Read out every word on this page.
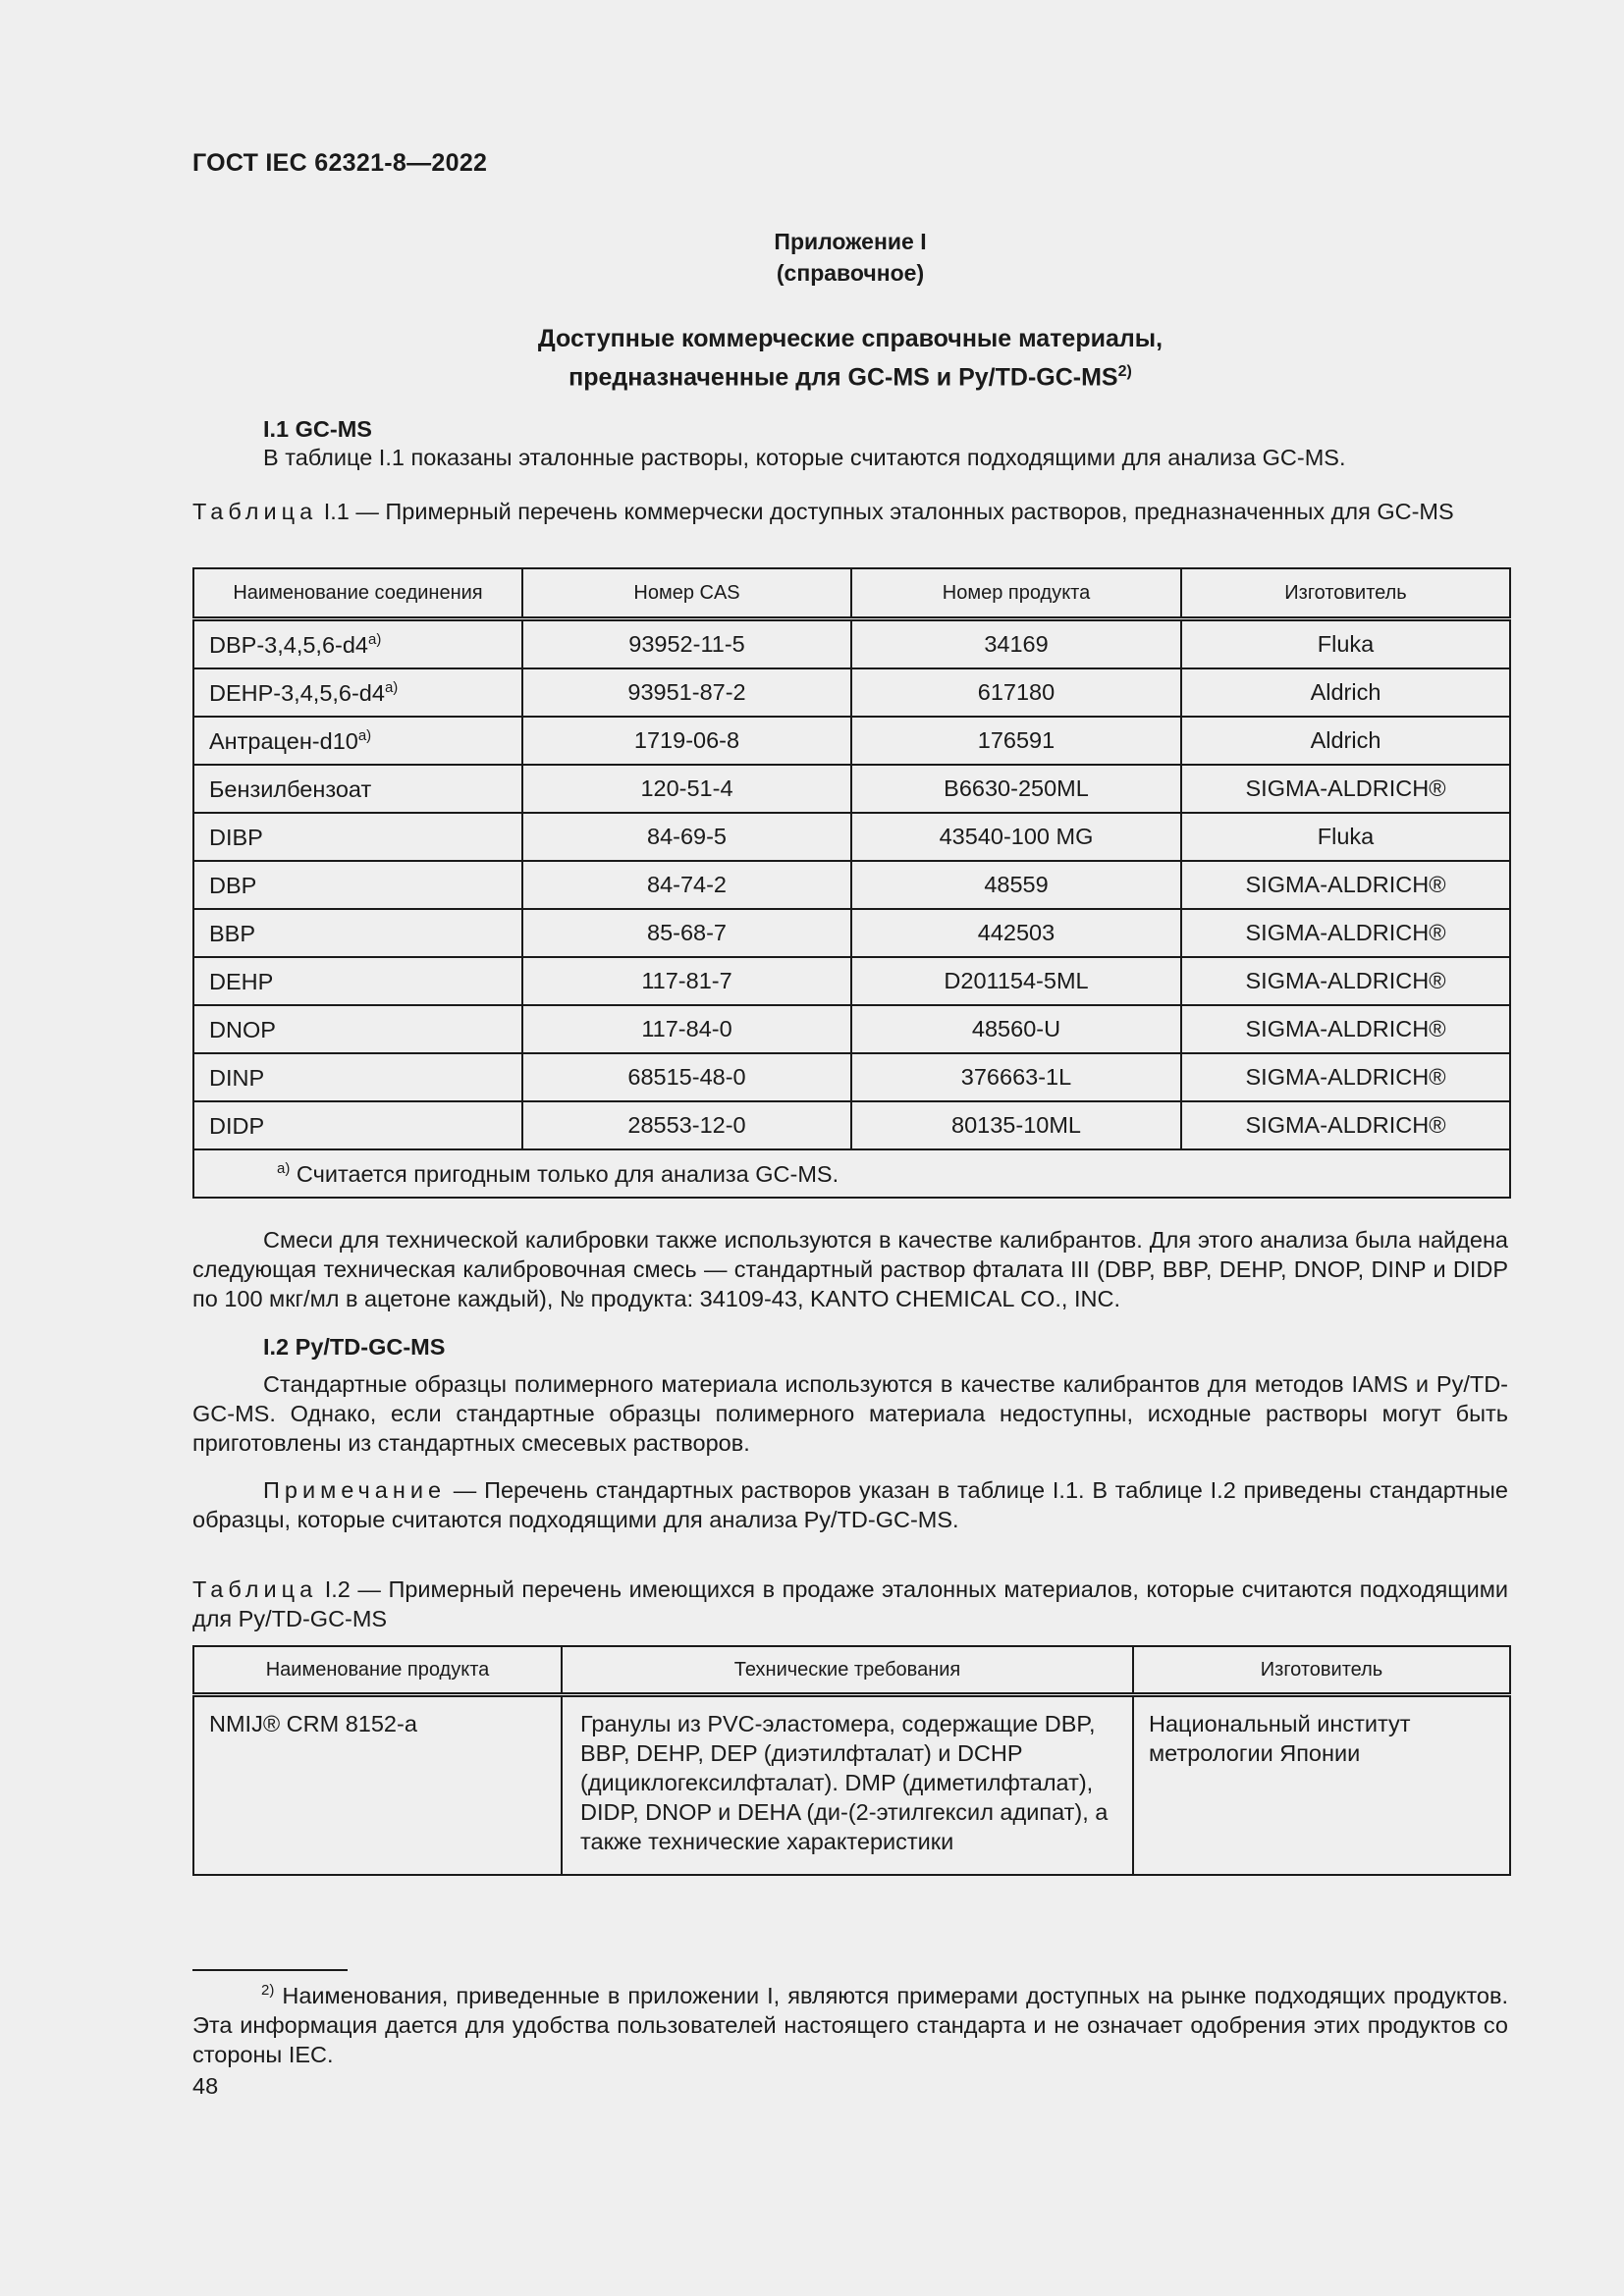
ГОСТ IEC 62321-8—2022
Приложение I
(справочное)
Доступные коммерческие справочные материалы,
предназначенные для GC-MS и Py/TD-GC-MS$^{2)}$
I.1 GC-MS
В таблице I.1 показаны эталонные растворы, которые считаются подходящими для анализа GC-MS.
Таблица I.1 — Примерный перечень коммерчески доступных эталонных растворов, предназначенных для GC-MS
Наименование соединения	Номер CAS	Номер продукта	Изготовитель
DBP-3,4,5,6-d4$^{a)}$	93952-11-5	34169	Fluka
DEHP-3,4,5,6-d4$^{a)}$	93951-87-2	617180	Aldrich
Антрацен-d10$^{a)}$	1719-06-8	176591	Aldrich
Бензилбензоат	120-51-4	B6630-250ML	SIGMA-ALDRICH®
DIBP	84-69-5	43540-100 MG	Fluka
DBP	84-74-2	48559	SIGMA-ALDRICH®
BBP	85-68-7	442503	SIGMA-ALDRICH®
DEHP	117-81-7	D201154-5ML	SIGMA-ALDRICH®
DNOP	117-84-0	48560-U	SIGMA-ALDRICH®
DINP	68515-48-0	376663-1L	SIGMA-ALDRICH®
DIDP	28553-12-0	80135-10ML	SIGMA-ALDRICH®
$^{a)}$ Считается пригодным только для анализа GC-MS.			
Смеси для технической калибровки также используются в качестве калибрантов. Для этого анализа была найдена следующая техническая калибровочная смесь — стандартный раствор фталата III (DBP, BBP, DEHP, DNOP, DINP и DIDP по 100 мкг/мл в ацетоне каждый), № продукта: 34109-43, KANTO CHEMICAL CO., INC.
I.2 Py/TD-GC-MS
Стандартные образцы полимерного материала используются в качестве калибрантов для методов IAMS и Py/TD-GC-MS. Однако, если стандартные образцы полимерного материала недоступны, исходные растворы могут быть приготовлены из стандартных смесевых растворов.
Примечание — Перечень стандартных растворов указан в таблице I.1. В таблице I.2 приведены стандартные образцы, которые считаются подходящими для анализа Py/TD-GC-MS.
Таблица I.2 — Примерный перечень имеющихся в продаже эталонных материалов, которые считаются подходящими для Py/TD-GC-MS
Наименование продукта	Технические требования	Изготовитель
NMIJ® CRM 8152-a	Гранулы из PVC-эластомера, содержащие DBP, BBP, DEHP, DEP (диэтилфталат) и DCHP (дициклогексилфталат). DMP (диметилфталат), DIDP, DNOP и DEHA (ди-(2-этилгексил адипат), а также технические характеристики	Национальный институт метрологии Японии
$^{2)}$ Наименования, приведенные в приложении I, являются примерами доступных на рынке подходящих продуктов. Эта информация дается для удобства пользователей настоящего стандарта и не означает одобрения этих продуктов со стороны IEC.
48
